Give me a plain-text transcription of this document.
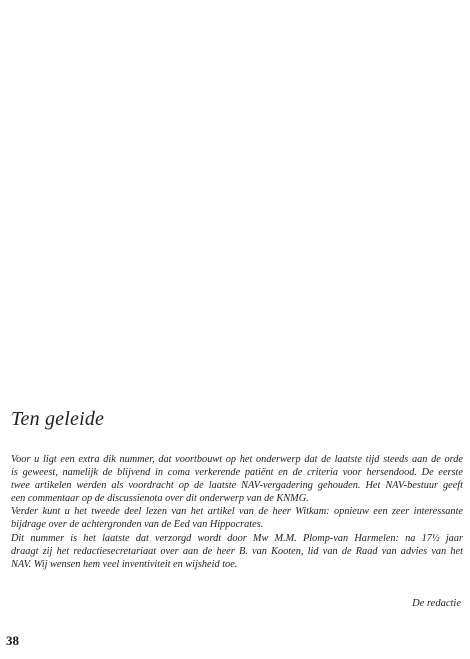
Ten geleide
Voor u ligt een extra dik nummer, dat voortbouwt op het onderwerp dat de laatste tijd steeds aan de orde
is geweest, namelijk de blijvend in coma verkerende patiënt en de criteria voor hersendood. De eerste
twee artikelen werden als voordracht op de laatste NAV-vergadering gehouden. Het NAV-bestuur geeft
een commentaar op de discussienota over dit onderwerp van de KNMG.
Verder kunt u het tweede deel lezen van het artikel van de heer Witkam: opnieuw een zeer interessante
bijdrage over de achtergronden van de Eed van Hippocrates.
Dit nummer is het laatste dat verzorgd wordt door Mw M.M. Plomp-van Harmelen: na 17½ jaar
draagt zij het redactiesecretariaat over aan de heer B. van Kooten, lid van de Raad van advies van het
NAV. Wij wensen hem veel inventiviteit en wijsheid toe.
De redactie
38
